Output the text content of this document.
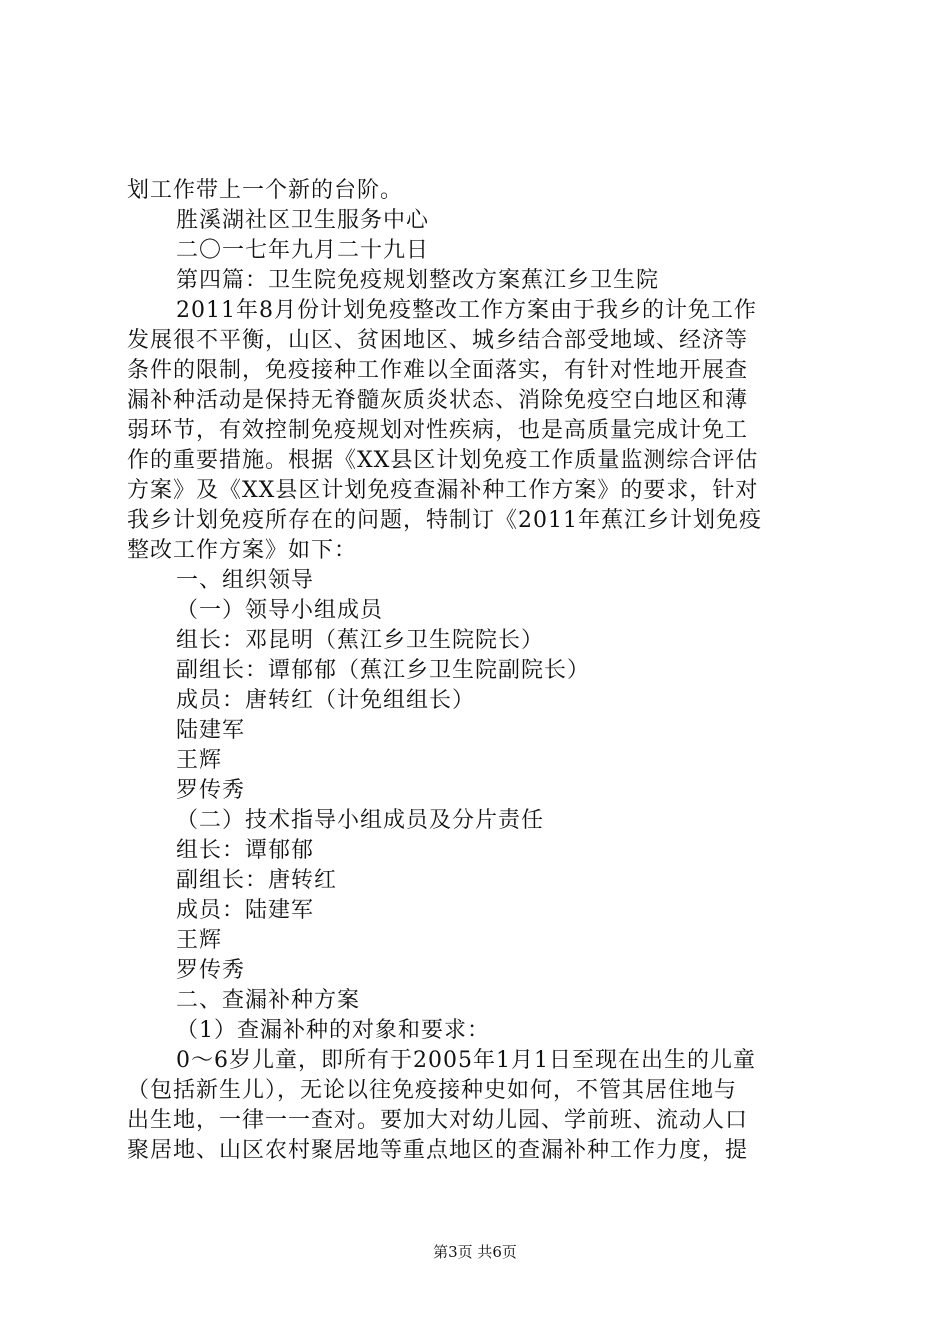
划工作带上一个新的台阶。
胜溪湖社区卫生服务中心
二〇一七年九月二十九日
第四篇：卫生院免疫规划整改方案蕉江乡卫生院
2011年8月份计划免疫整改工作方案由于我乡的计免工作
发展很不平衡，山区、贫困地区、城乡结合部受地域、经济等
条件的限制，免疫接种工作难以全面落实，有针对性地开展查
漏补种活动是保持无脊髓灰质炎状态、消除免疫空白地区和薄
弱环节，有效控制免疫规划对性疾病，也是高质量完成计免工
作的重要措施。根据《XX县区计划免疫工作质量监测综合评估
方案》及《XX县区计划免疫查漏补种工作方案》的要求，针对
我乡计划免疫所存在的问题，特制订《2011年蕉江乡计划免疫
整改工作方案》如下：
一、组织领导
（一）领导小组成员
组长：邓昆明（蕉江乡卫生院院长）
副组长：谭郁郁（蕉江乡卫生院副院长）
成员：唐转红（计免组组长）
陆建军
王辉
罗传秀
（二）技术指导小组成员及分片责任
组长：谭郁郁
副组长：唐转红
成员：陆建军
王辉
罗传秀
二、查漏补种方案
（1）查漏补种的对象和要求：
0～6岁儿童，即所有于2005年1月1日至现在出生的儿童
（包括新生儿），无论以往免疫接种史如何，不管其居住地与
出生地，一律一一查对。要加大对幼儿园、学前班、流动人口
聚居地、山区农村聚居地等重点地区的查漏补种工作力度，提
第3页 共6页
